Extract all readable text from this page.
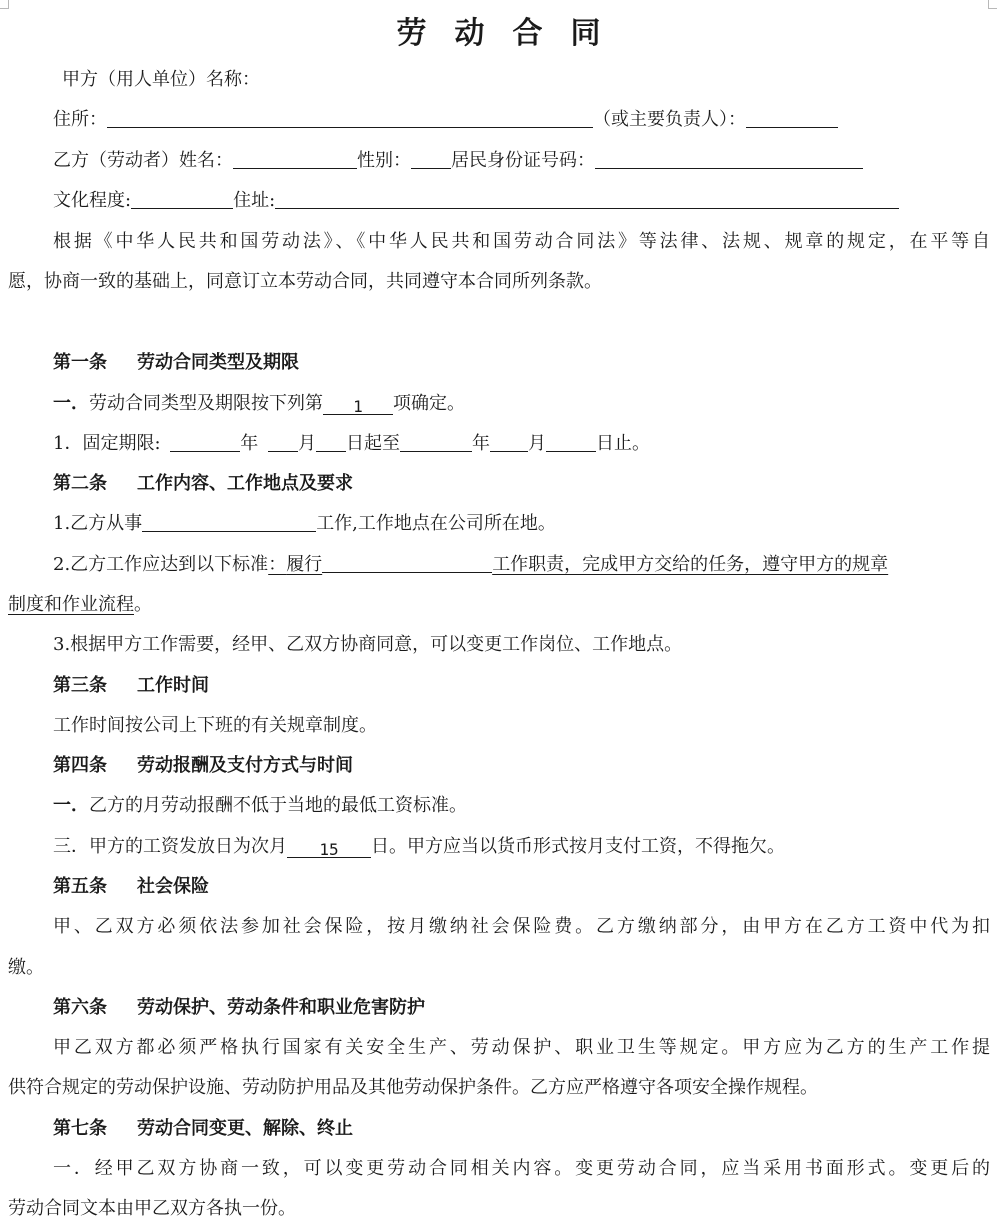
劳动合同
甲方（用人单位）名称：
住所：	（或主要负责人）：
乙方（劳动者）姓名：	性别： 居民身份证号码：
文化程度:	住址:
根据《中华人民共和国劳动法》、《中华人民共和国劳动合同法》等法律、法规、规章的规定，在平等自
愿，协商一致的基础上，同意订立本劳动合同，共同遵守本合同所列条款。
第一条 劳动合同类型及期限
一．劳动合同类型及期限按下列第 1 项确定。
1．固定期限:	年 月 日起至	年 月	日止。
第二条 工作内容、工作地点及要求
1.乙方从事	工作,工作地点在公司所在地。
2.乙方工作应达到以下标准：履行	工作职责，完成甲方交给的任务，遵守甲方的规章
制度和作业流程。
3.根据甲方工作需要，经甲、乙双方协商同意，可以变更工作岗位、工作地点。
第三条 工作时间
工作时间按公司上下班的有关规章制度。
第四条 劳动报酬及支付方式与时间
一．乙方的月劳动报酬不低于当地的最低工资标准。
三．甲方的工资发放日为次月 15 日。甲方应当以货币形式按月支付工资，不得拖欠。
第五条 社会保险
甲、乙双方必须依法参加社会保险，按月缴纳社会保险费。乙方缴纳部分，由甲方在乙方工资中代为扣
缴。
第六条 劳动保护、劳动条件和职业危害防护
甲乙双方都必须严格执行国家有关安全生产、劳动保护、职业卫生等规定。甲方应为乙方的生产工作提
供符合规定的劳动保护设施、劳动防护用品及其他劳动保护条件。乙方应严格遵守各项安全操作规程。
第七条 劳动合同变更、解除、终止
一．经甲乙双方协商一致，可以变更劳动合同相关内容。变更劳动合同，应当采用书面形式。变更后的
劳动合同文本由甲乙双方各执一份。
